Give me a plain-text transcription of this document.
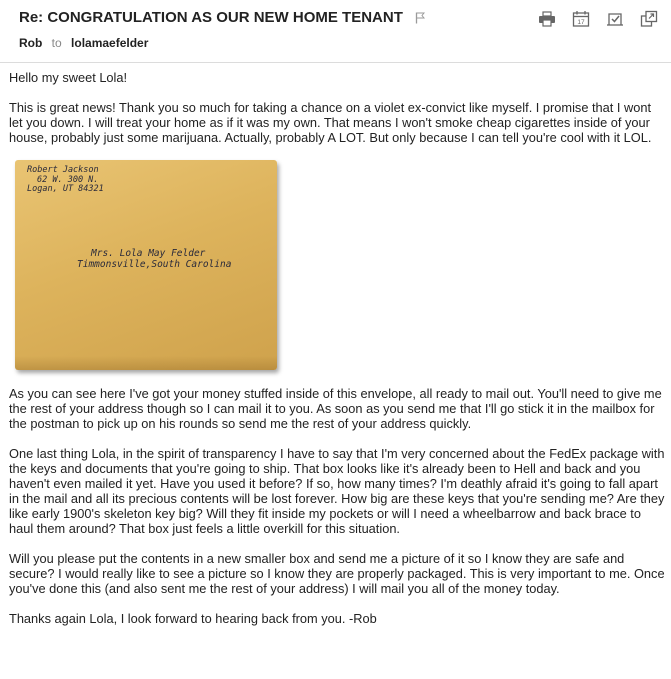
Re: CONGRATULATION AS OUR NEW HOME TENANT
Rob to lolamaefelder
17

Hello my sweet Lola!

This is great news! Thank you so much for taking a chance on a violet ex-convict like myself. I promise that I wont let you down. I will treat your home as if it was my own. That means I won't smoke cheap cigarettes inside of your house, probably just some marijuana. Actually, probably A LOT. But only because I can tell you're cool with it LOL.

Robert Jackson
62 W. 300 N.
Logan, UT 84321
Mrs. Lola May Felder
Timmonsville,South Carolina

As you can see here I've got your money stuffed inside of this envelope, all ready to mail out. You'll need to give me the rest of your address though so I can mail it to you. As soon as you send me that I'll go stick it in the mailbox for the postman to pick up on his rounds so send me the rest of your address quickly.

One last thing Lola, in the spirit of transparency I have to say that I'm very concerned about the FedEx package with the keys and documents that you're going to ship. That box looks like it's already been to Hell and back and you haven't even mailed it yet. Have you used it before? If so, how many times? I'm deathly afraid it's going to fall apart in the mail and all its precious contents will be lost forever. How big are these keys that you're sending me? Are they like early 1900's skeleton key big? Will they fit inside my pockets or will I need a wheelbarrow and back brace to haul them around? That box just feels a little overkill for this situation.

Will you please put the contents in a new smaller box and send me a picture of it so I know they are safe and secure? I would really like to see a picture so I know they are properly packaged. This is very important to me. Once you've done this (and also sent me the rest of your address) I will mail you all of the money today.

Thanks again Lola, I look forward to hearing back from you. -Rob
